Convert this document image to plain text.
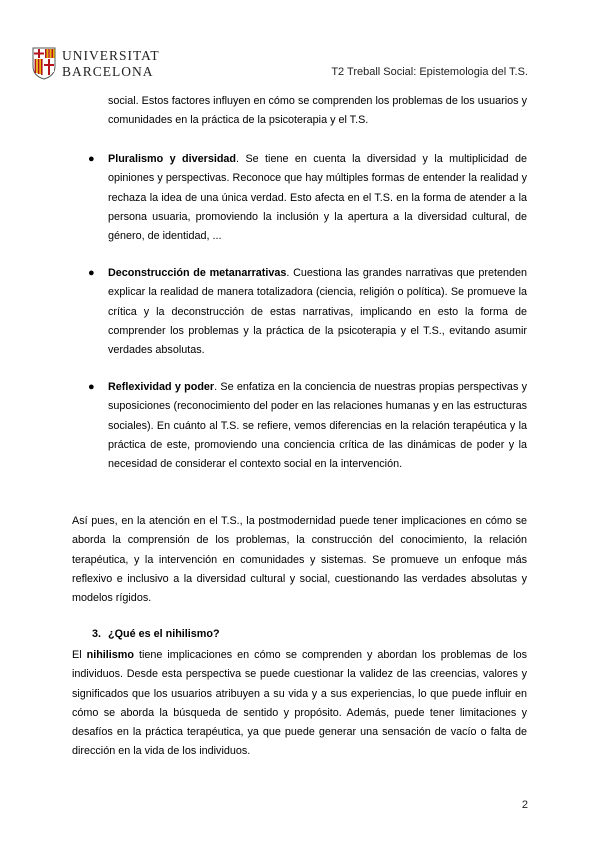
UNIVERSITAT
BARCELONA	T2 Treball Social: Epistemologia del T.S.

social. Estos factores influyen en cómo se comprenden los problemas de los usuarios y comunidades en la práctica de la psicoterapia y el T.S.

● Pluralismo y diversidad. Se tiene en cuenta la diversidad y la multiplicidad de opiniones y perspectivas. Reconoce que hay múltiples formas de entender la realidad y rechaza la idea de una única verdad. Esto afecta en el T.S. en la forma de atender a la persona usuaria, promoviendo la inclusión y la apertura a la diversidad cultural, de género, de identidad, ...

● Deconstrucción de metanarrativas. Cuestiona las grandes narrativas que pretenden explicar la realidad de manera totalizadora (ciencia, religión o política). Se promueve la crítica y la deconstrucción de estas narrativas, implicando en esto la forma de comprender los problemas y la práctica de la psicoterapia y el T.S., evitando asumir verdades absolutas.

● Reflexividad y poder. Se enfatiza en la conciencia de nuestras propias perspectivas y suposiciones (reconocimiento del poder en las relaciones humanas y en las estructuras sociales). En cuánto al T.S. se refiere, vemos diferencias en la relación terapéutica y la práctica de este, promoviendo una conciencia crítica de las dinámicas de poder y la necesidad de considerar el contexto social en la intervención.

Así pues, en la atención en el T.S., la postmodernidad puede tener implicaciones en cómo se aborda la comprensión de los problemas, la construcción del conocimiento, la relación terapéutica, y la intervención en comunidades y sistemas. Se promueve un enfoque más reflexivo e inclusivo a la diversidad cultural y social, cuestionando las verdades absolutas y modelos rígidos.

3. ¿Qué es el nihilismo?

El nihilismo tiene implicaciones en cómo se comprenden y abordan los problemas de los individuos. Desde esta perspectiva se puede cuestionar la validez de las creencias, valores y significados que los usuarios atribuyen a su vida y a sus experiencias, lo que puede influir en cómo se aborda la búsqueda de sentido y propósito. Además, puede tener limitaciones y desafíos en la práctica terapéutica, ya que puede generar una sensación de vacío o falta de dirección en la vida de los individuos.

2
